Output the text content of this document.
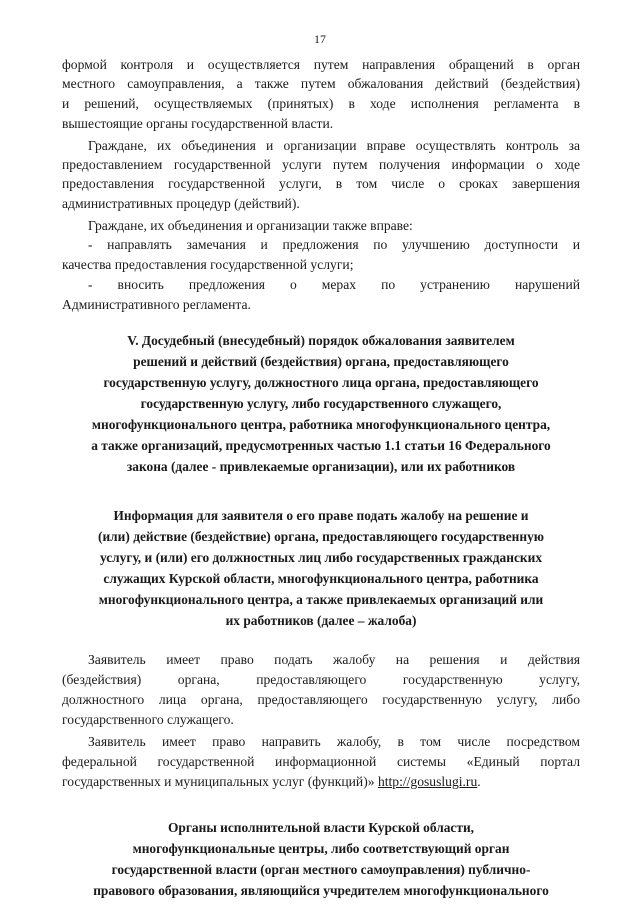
17
формой контроля и осуществляется путем направления обращений в орган
местного самоуправления, а также путем обжалования действий (бездействия)
и решений, осуществляемых (принятых) в ходе исполнения регламента в
вышестоящие органы государственной власти.
Граждане, их объединения и организации вправе осуществлять контроль за
предоставлением государственной услуги путем получения информации о ходе
предоставления государственной услуги, в том числе о сроках завершения
административных процедур (действий).
Граждане, их объединения и организации также вправе:
- направлять замечания и предложения по улучшению доступности и
качества предоставления государственной услуги;
- вносить предложения о мерах по устранению нарушений
Административного регламента.
V. Досудебный (внесудебный) порядок обжалования заявителем
решений и действий (бездействия) органа, предоставляющего
государственную услугу, должностного лица органа, предоставляющего
государственную услугу, либо государственного служащего,
многофункционального центра, работника многофункционального центра,
а также организаций, предусмотренных частью 1.1 статьи 16 Федерального
закона (далее - привлекаемые организации), или их работников
Информация для заявителя о его праве подать жалобу на решение и
(или) действие (бездействие) органа, предоставляющего государственную
услугу, и (или) его должностных лиц либо государственных гражданских
служащих Курской области, многофункционального центра, работника
многофункционального центра, а также привлекаемых организаций или
их работников (далее – жалоба)
Заявитель имеет право подать жалобу на решения и действия
(бездействия) органа, предоставляющего государственную услугу,
должностного лица органа, предоставляющего государственную услугу, либо
государственного служащего.
Заявитель имеет право направить жалобу, в том числе посредством
федеральной государственной информационной системы «Единый портал
государственных и муниципальных услуг (функций)» http://gosuslugi.ru.
Органы исполнительной власти Курской области,
многофункциональные центры, либо соответствующий орган
государственной власти (орган местного самоуправления) публично-
правового образования, являющийся учредителем многофункционального
